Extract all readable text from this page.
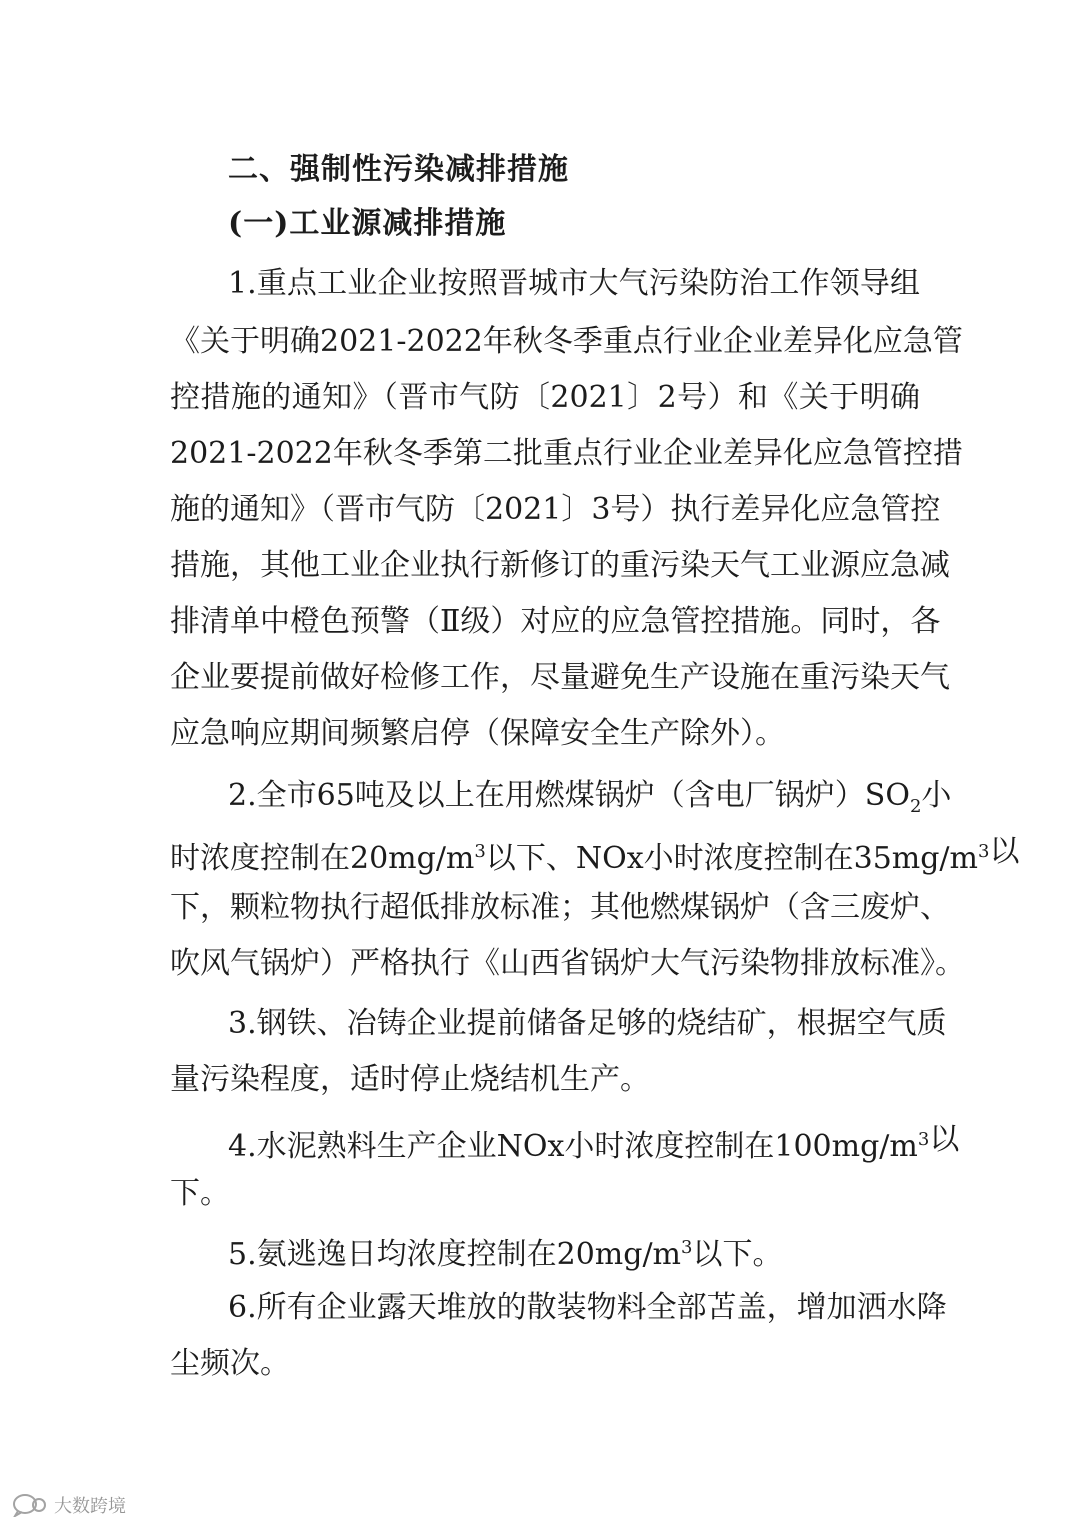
二、强制性污染减排措施
(一)工业源减排措施
1.重点工业企业按照晋城市大气污染防治工作领导组
《关于明确2021-2022年秋冬季重点行业企业差异化应急管
控措施的通知》（晋市气防〔2021〕2号）和《关于明确
2021-2022年秋冬季第二批重点行业企业差异化应急管控措
施的通知》（晋市气防〔2021〕3号）执行差异化应急管控
措施，其他工业企业执行新修订的重污染天气工业源应急减
排清单中橙色预警（Ⅱ级）对应的应急管控措施。同时，各
企业要提前做好检修工作，尽量避免生产设施在重污染天气
应急响应期间频繁启停（保障安全生产除外）。
2.全市65吨及以上在用燃煤锅炉（含电厂锅炉）$SO_2$ 小
时浓度控制在$20mg/m^3$以下、NOx小时浓度控制在$35mg/m^3$ 以
下，颗粒物执行超低排放标准；其他燃煤锅炉（含三废炉、
吹风气锅炉）严格执行《山西省锅炉大气污染物排放标准》。
3.钢铁、冶铸企业提前储备足够的烧结矿，根据空气质
量污染程度，适时停止烧结机生产。
4.水泥熟料生产企业NOx小时浓度控制在$100mg/m^3$ 以
下。
5.氨逃逸日均浓度控制在$20mg/m^3$以下。
6.所有企业露天堆放的散装物料全部苫盖，增加洒水降
尘频次。
大数跨境
